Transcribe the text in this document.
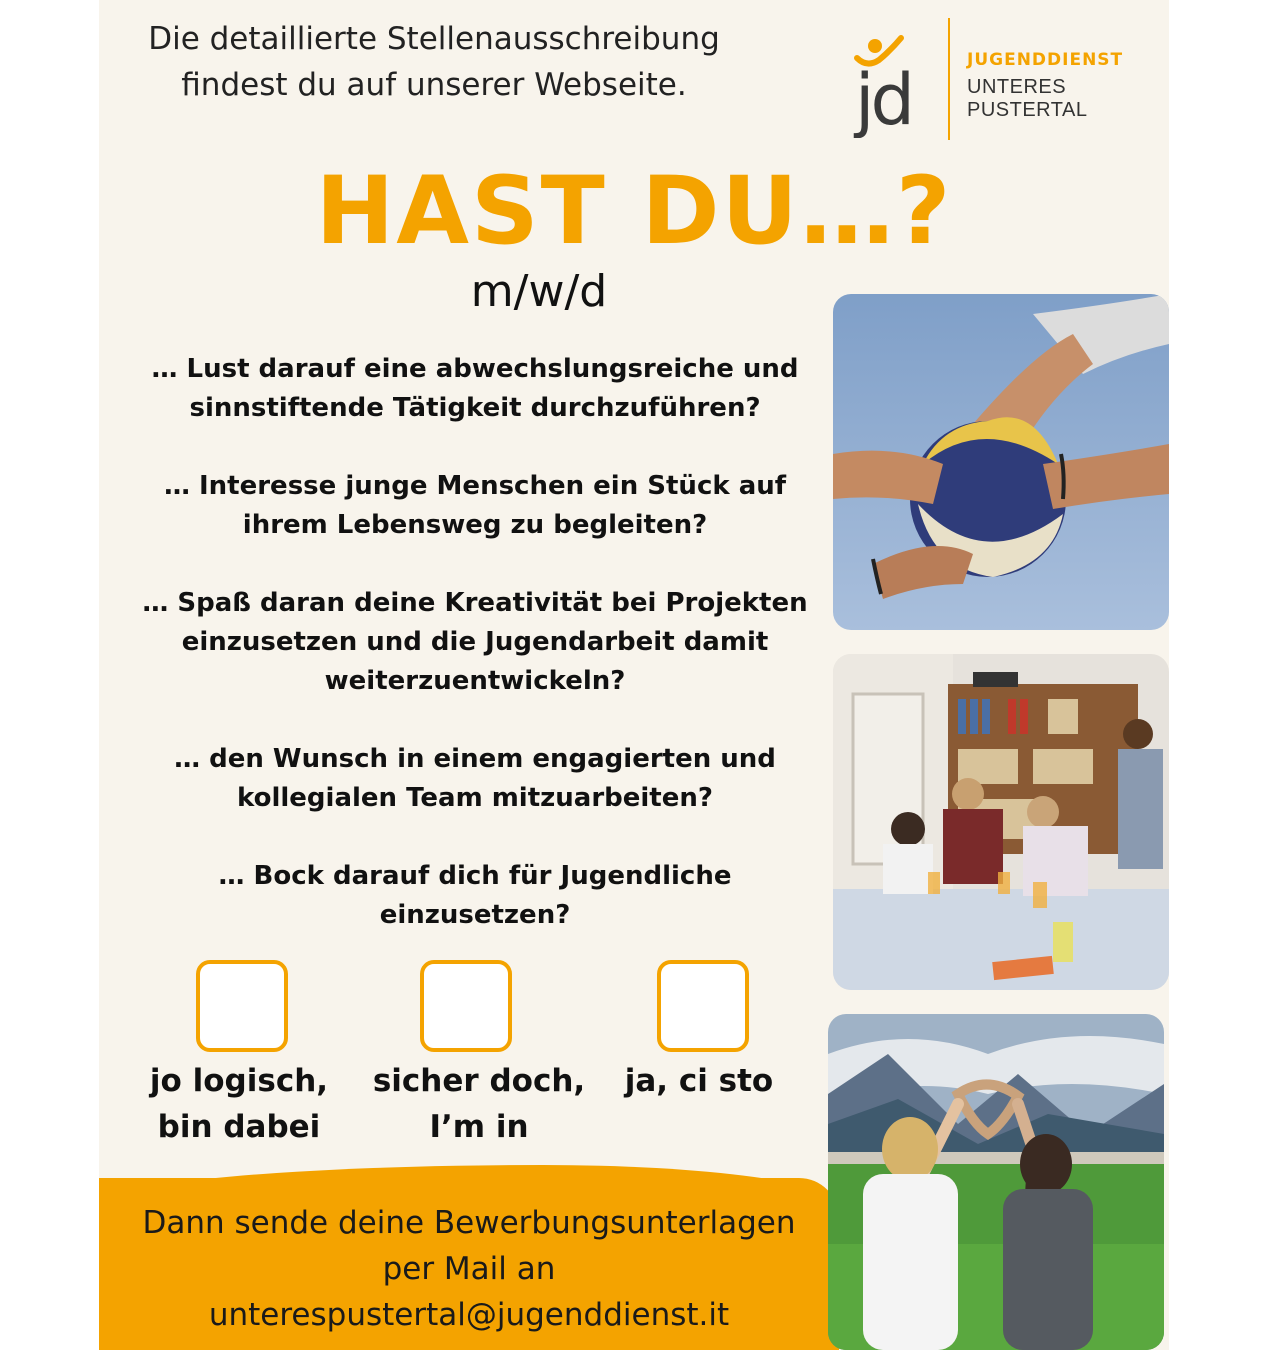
Die detaillierte Stellenausschreibung
findest du auf unserer Webseite.	jd	JUGENDDIENST
UNTERES PUSTERTAL
HAST DU…?
m/w/d
… Lust darauf eine abwechslungsreiche und
sinnstiftende Tätigkeit durchzuführen?
… Interesse junge Menschen ein Stück auf
ihrem Lebensweg zu begleiten?
… Spaß daran deine Kreativität bei Projekten
einzusetzen und die Jugendarbeit damit
weiterzuentwickeln?
… den Wunsch in einem engagierten und
kollegialen Team mitzuarbeiten?
… Bock darauf dich für Jugendliche
einzusetzen?
jo logisch,
bin dabei
sicher doch,
I’m in
ja, ci sto
Dann sende deine Bewerbungsunterlagen
per Mail an
unterespustertal@jugenddienst.it
